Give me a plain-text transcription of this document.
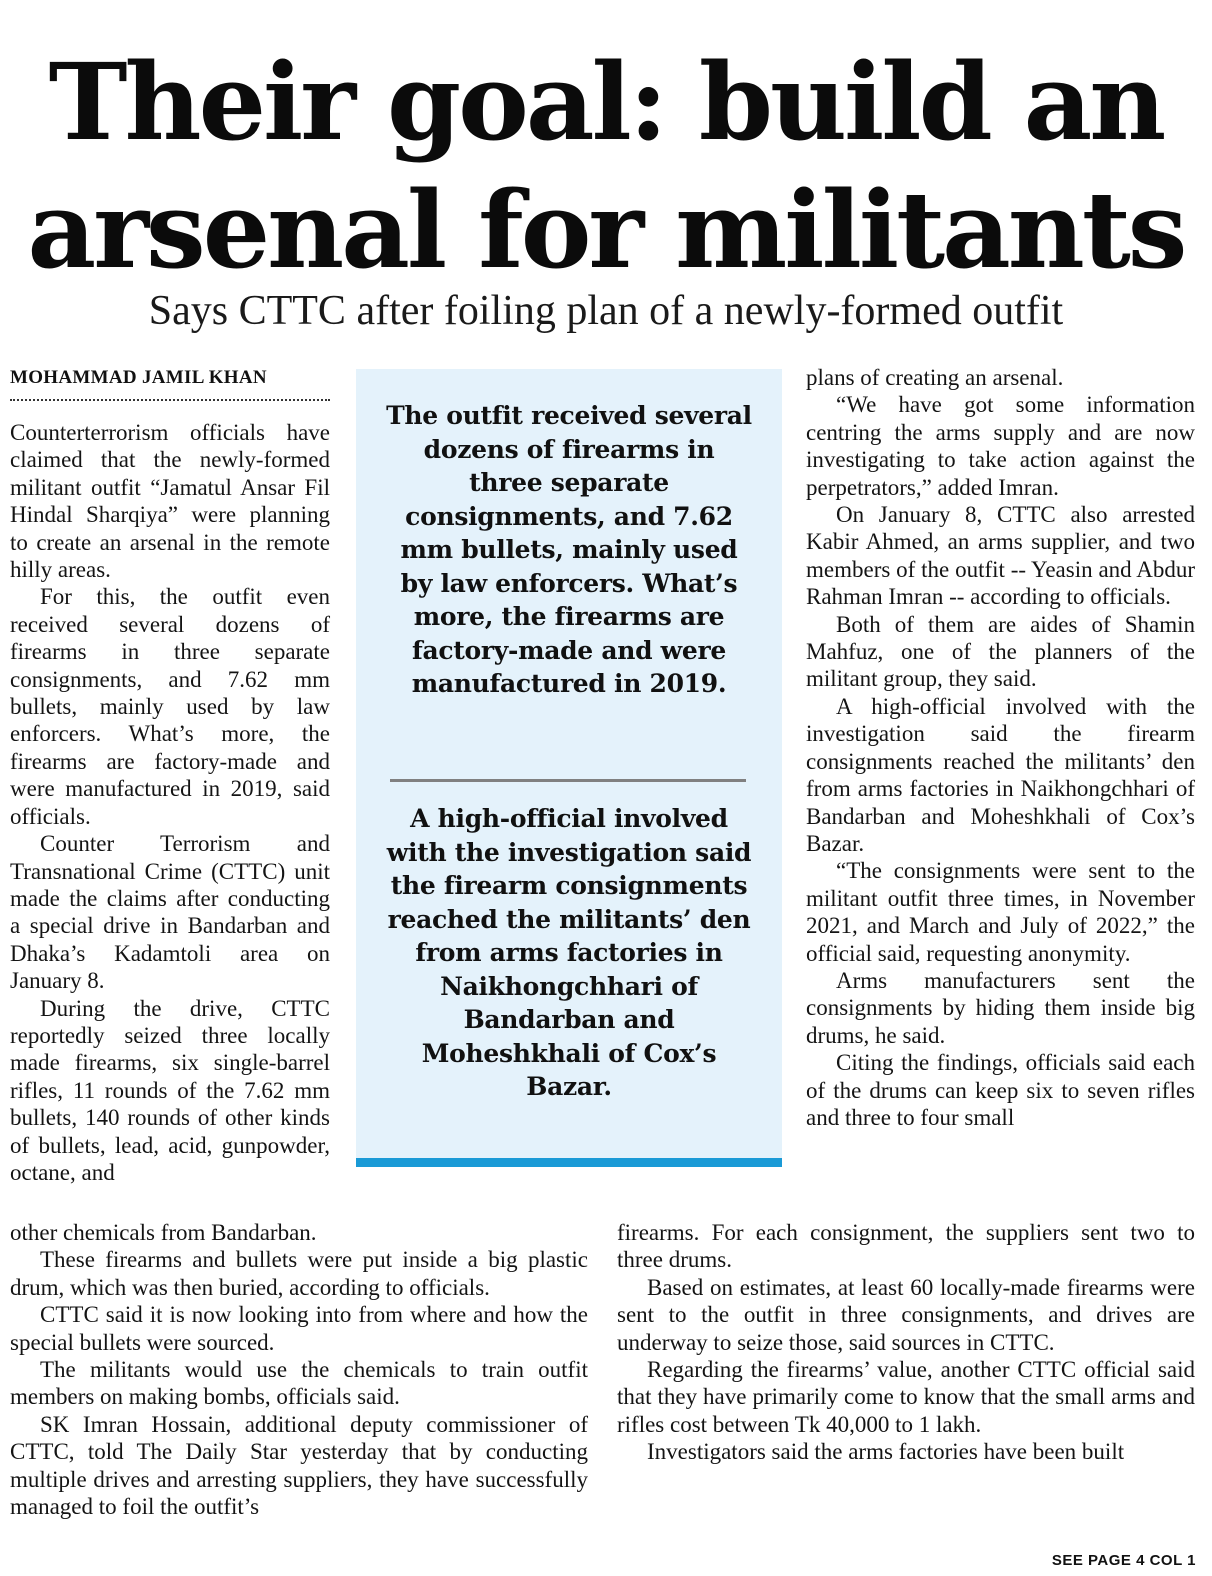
Their goal: build an arsenal for militants
Says CTTC after foiling plan of a newly-formed outfit
MOHAMMAD JAMIL KHAN

Counterterrorism officials have claimed that the newly-formed militant outfit “Jamatul Ansar Fil Hindal Sharqiya” were planning to create an arsenal in the remote hilly areas.

For this, the outfit even received several dozens of firearms in three separate consignments, and 7.62 mm bullets, mainly used by law enforcers. What’s more, the firearms are factory-made and were manufactured in 2019, said officials.

Counter Terrorism and Transnational Crime (CTTC) unit made the claims after conducting a special drive in Bandarban and Dhaka’s Kadamtoli area on January 8.

During the drive, CTTC reportedly seized three locally made firearms, six single-barrel rifles, 11 rounds of the 7.62 mm bullets, 140 rounds of other kinds of bullets, lead, acid, gunpowder, octane, and

The outfit received several dozens of firearms in three separate consignments, and 7.62 mm bullets, mainly used by law enforcers. What’s more, the firearms are factory-made and were manufactured in 2019.

A high-official involved with the investigation said the firearm consignments reached the militants’ den from arms factories in Naikhongchhari of Bandarban and Moheshkhali of Cox’s Bazar.

plans of creating an arsenal.

“We have got some information centring the arms supply and are now investigating to take action against the perpetrators,” added Imran.

On January 8, CTTC also arrested Kabir Ahmed, an arms supplier, and two members of the outfit -- Yeasin and Abdur Rahman Imran -- according to officials.

Both of them are aides of Shamin Mahfuz, one of the planners of the militant group, they said.

A high-official involved with the investigation said the firearm consignments reached the militants’ den from arms factories in Naikhongchhari of Bandarban and Moheshkhali of Cox’s Bazar.

“The consignments were sent to the militant outfit three times, in November 2021, and March and July of 2022,” the official said, requesting anonymity.

Arms manufacturers sent the consignments by hiding them inside big drums, he said.

Citing the findings, officials said each of the drums can keep six to seven rifles and three to four small

other chemicals from Bandarban.

These firearms and bullets were put inside a big plastic drum, which was then buried, according to officials.

CTTC said it is now looking into from where and how the special bullets were sourced.

The militants would use the chemicals to train outfit members on making bombs, officials said.

SK Imran Hossain, additional deputy commissioner of CTTC, told The Daily Star yesterday that by conducting multiple drives and arresting suppliers, they have successfully managed to foil the outfit’s

firearms. For each consignment, the suppliers sent two to three drums.

Based on estimates, at least 60 locally-made firearms were sent to the outfit in three consignments, and drives are underway to seize those, said sources in CTTC.

Regarding the firearms’ value, another CTTC official said that they have primarily come to know that the small arms and rifles cost between Tk 40,000 to 1 lakh.

Investigators said the arms factories have been built

SEE PAGE 4 COL 1
